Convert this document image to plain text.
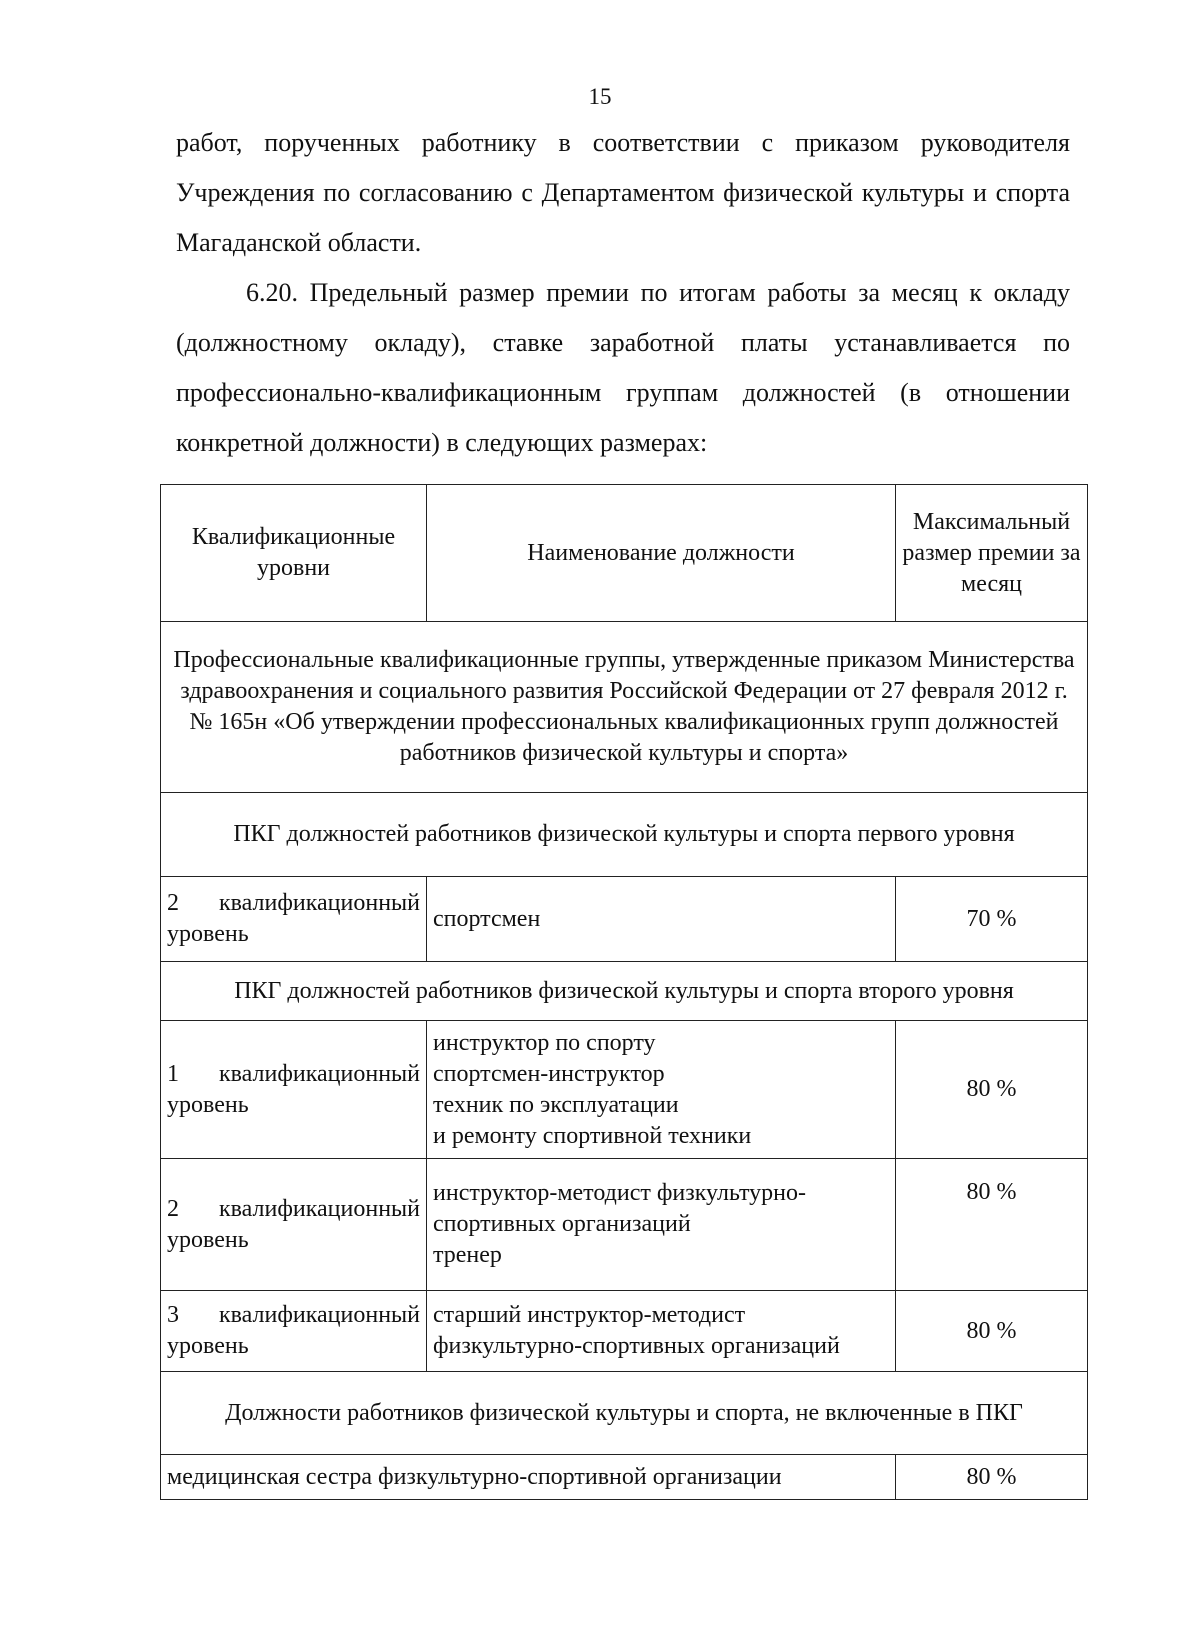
15

работ, порученных работнику в соответствии с приказом руководителя Учреждения по согласованию с Департаментом физической культуры и спорта Магаданской области.

6.20. Предельный размер премии по итогам работы за месяц к окладу (должностному окладу), ставке заработной платы устанавливается по профессионально-квалификационным группам должностей (в отношении конкретной должности) в следующих размерах:

Квалификационные уровни	Наименование должности	Максимальный размер премии за месяц
Профессиональные квалификационные группы, утвержденные приказом Министерства здравоохранения и социального развития Российской Федерации от 27 февраля 2012 г. № 165н «Об утверждении профессиональных квалификационных групп должностей работников физической культуры и спорта»		
ПКГ должностей работников физической культуры и спорта первого уровня		

2 квалификационный
уровень	спортсмен	70 %
ПКГ должностей работников физической культуры и спорта второго уровня		

1 квалификационный
уровень	инструктор по спорту
спортсмен-инструктор
техник по эксплуатации
и ремонту спортивной техники	80 %

2 квалификационный
уровень	инструктор-методист физкультурно-
спортивных организаций
тренер	80 %

3 квалификационный
уровень	старший инструктор-методист
физкультурно-спортивных организаций	80 %
Должности работников физической культуры и спорта, не включенные в ПКГ		
медицинская сестра физкультурно-спортивной организации		80 %
